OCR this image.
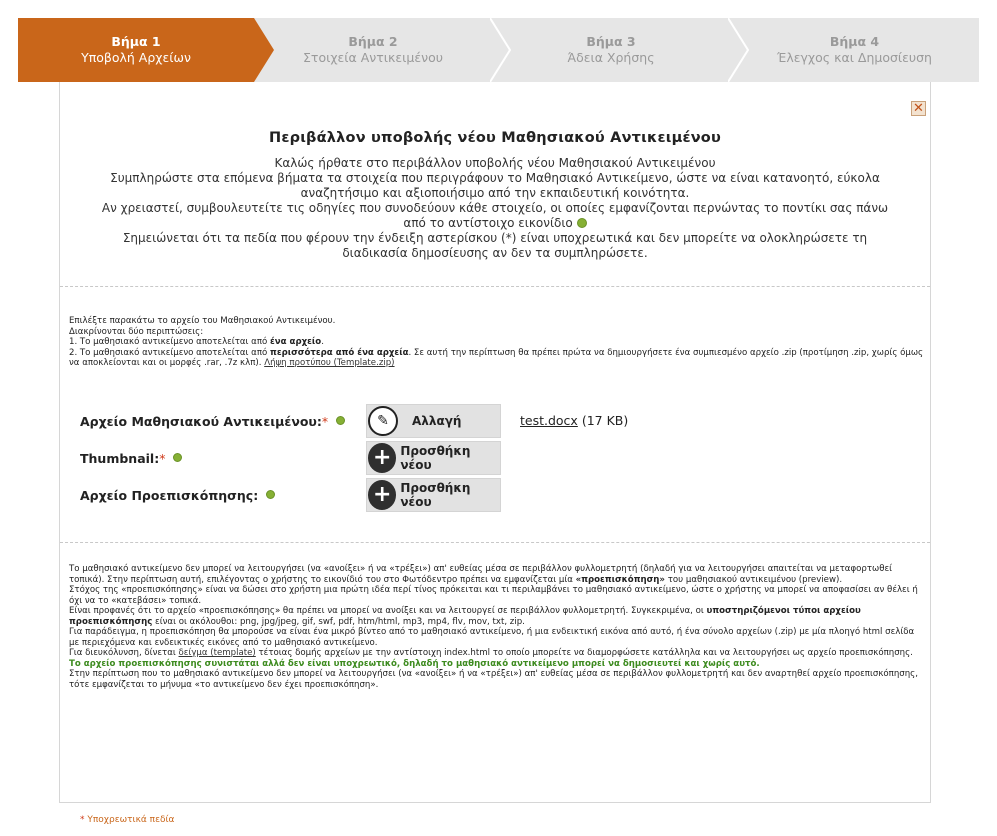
Βήμα 1
Υποβολή Αρχείων
Βήμα 2
Στοιχεία Αντικειμένου
Βήμα 3
Άδεια Χρήσης
Βήμα 4
Έλεγχος και Δημοσίευση
✕
Περιβάλλον υποβολής νέου Μαθησιακού Αντικειμένου

Καλώς ήρθατε στο περιβάλλον υποβολής νέου Μαθησιακού Αντικειμένου

Συμπληρώστε στα επόμενα βήματα τα στοιχεία που περιγράφουν το Μαθησιακό Αντικείμενο, ώστε να είναι κατανοητό, εύκολα αναζητήσιμο και αξιοποιήσιμο από την εκπαιδευτική κοινότητα.

Αν χρειαστεί, συμβουλευτείτε τις οδηγίες που συνοδεύουν κάθε στοιχείο, οι οποίες εμφανίζονται περνώντας το ποντίκι σας πάνω από το αντίστοιχο εικονίδιο

Σημειώνεται ότι τα πεδία που φέρουν την ένδειξη αστερίσκου (*) είναι υποχρεωτικά και δεν μπορείτε να ολοκληρώσετε τη διαδικασία δημοσίευσης αν δεν τα συμπληρώσετε.

Επιλέξτε παρακάτω το αρχείο του Μαθησιακού Αντικειμένου.
Διακρίνονται δύο περιπτώσεις:
1. Το μαθησιακό αντικείμενο αποτελείται από ένα αρχείο.
2. Το μαθησιακό αντικείμενο αποτελείται από περισσότερα από ένα αρχεία. Σε αυτή την περίπτωση θα πρέπει πρώτα να δημιουργήσετε ένα συμπιεσμένο αρχείο .zip (προτίμηση .zip, χωρίς όμως να αποκλείονται και οι μορφές .rar, .7z κλπ). Λήψη προτύπου (Template.zip)
Αρχείο Μαθησιακού Αντικειμένου:*	✎	Αλλαγή	test.docx (17 KB)
Thumbnail:*	+ Προσθήκη νέου
Αρχείο Προεπισκόπησης:	+ Προσθήκη νέου
Το μαθησιακό αντικείμενο δεν μπορεί να λειτουργήσει (να «ανοίξει» ή να «τρέξει») απ' ευθείας μέσα σε περιβάλλον φυλλομετρητή (δηλαδή για να λειτουργήσει απαιτείται να μεταφορτωθεί τοπικά). Στην περίπτωση αυτή, επιλέγοντας ο χρήστης το εικονίδιό του στο Φωτόδεντρο πρέπει να εμφανίζεται μία «προεπισκόπηση» του μαθησιακού αντικειμένου (preview).
Στόχος της «προεπισκόπησης» είναι να δώσει στο χρήστη μια πρώτη ιδέα περί τίνος πρόκειται και τι περιλαμβάνει το μαθησιακό αντικείμενο, ώστε ο χρήστης να μπορεί να αποφασίσει αν θέλει ή όχι να το «κατεβάσει» τοπικά.
Είναι προφανές ότι το αρχείο «προεπισκόπησης» θα πρέπει να μπορεί να ανοίξει και να λειτουργεί σε περιβάλλον φυλλομετρητή. Συγκεκριμένα, οι υποστηριζόμενοι τύποι αρχείου προεπισκόπησης είναι οι ακόλουθοι: png, jpg/jpeg, gif, swf, pdf, htm/html, mp3, mp4, flv, mov, txt, zip.
Για παράδειγμα, η προεπισκόπηση θα μπορούσε να είναι ένα μικρό βίντεο από το μαθησιακό αντικείμενο, ή μια ενδεικτική εικόνα από αυτό, ή ένα σύνολο αρχείων (.zip) με μία πλοηγό html σελίδα με περιεχόμενα και ενδεικτικές εικόνες από το μαθησιακό αντικείμενο.
Για διευκόλυνση, δίνεται δείγμα (template) τέτοιας δομής αρχείων με την αντίστοιχη index.html το οποίο μπορείτε να διαμορφώσετε κατάλληλα και να λειτουργήσει ως αρχείο προεπισκόπησης.
Το αρχείο προεπισκόπησης συνιστάται αλλά δεν είναι υποχρεωτικό, δηλαδή το μαθησιακό αντικείμενο μπορεί να δημοσιευτεί και χωρίς αυτό.
Στην περίπτωση που το μαθησιακό αντικείμενο δεν μπορεί να λειτουργήσει (να «ανοίξει» ή να «τρέξει») απ' ευθείας μέσα σε περιβάλλον φυλλομετρητή και δεν αναρτηθεί αρχείο προεπισκόπησης, τότε εμφανίζεται το μήνυμα «το αντικείμενο δεν έχει προεπισκόπηση».
* Υποχρεωτικά πεδία
